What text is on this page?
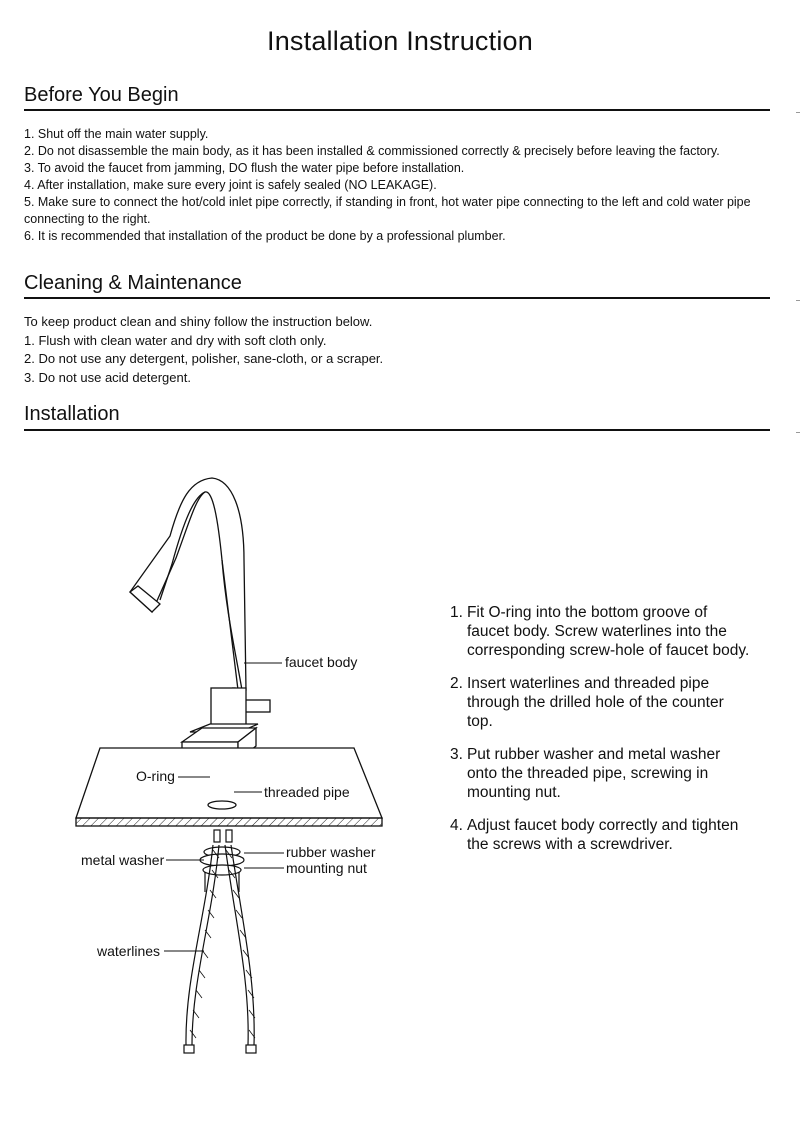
Installation Instruction
Before You Begin
1. Shut off the main water supply.
2. Do not disassemble the main body, as it has been installed & commissioned correctly & precisely before leaving the factory.
3. To avoid the faucet from jamming, DO flush the water pipe before installation.
4. After installation, make sure every joint is safely sealed (NO LEAKAGE).
5. Make sure to connect the hot/cold inlet pipe correctly, if standing in front, hot water pipe connecting to the left and cold water pipe connecting to the right.
6. It is recommended that installation of the product be done by a professional plumber.
Cleaning & Maintenance
To keep product clean and shiny follow the instruction below.
1. Flush with clean water and dry with soft cloth only.
2. Do not use any detergent, polisher, sane-cloth, or a scraper.
3. Do not use acid detergent.
Installation
faucet body
O-ring
threaded pipe
metal washer	rubber washer
mounting nut
waterlines
1. Fit O-ring into the bottom groove of faucet body. Screw waterlines into the corresponding screw-hole of faucet body.
2. Insert waterlines and threaded pipe through the drilled hole of the counter top.
3. Put rubber washer and metal washer onto the threaded pipe, screwing in mounting nut.
4. Adjust faucet body correctly and tighten the screws with a screwdriver.
